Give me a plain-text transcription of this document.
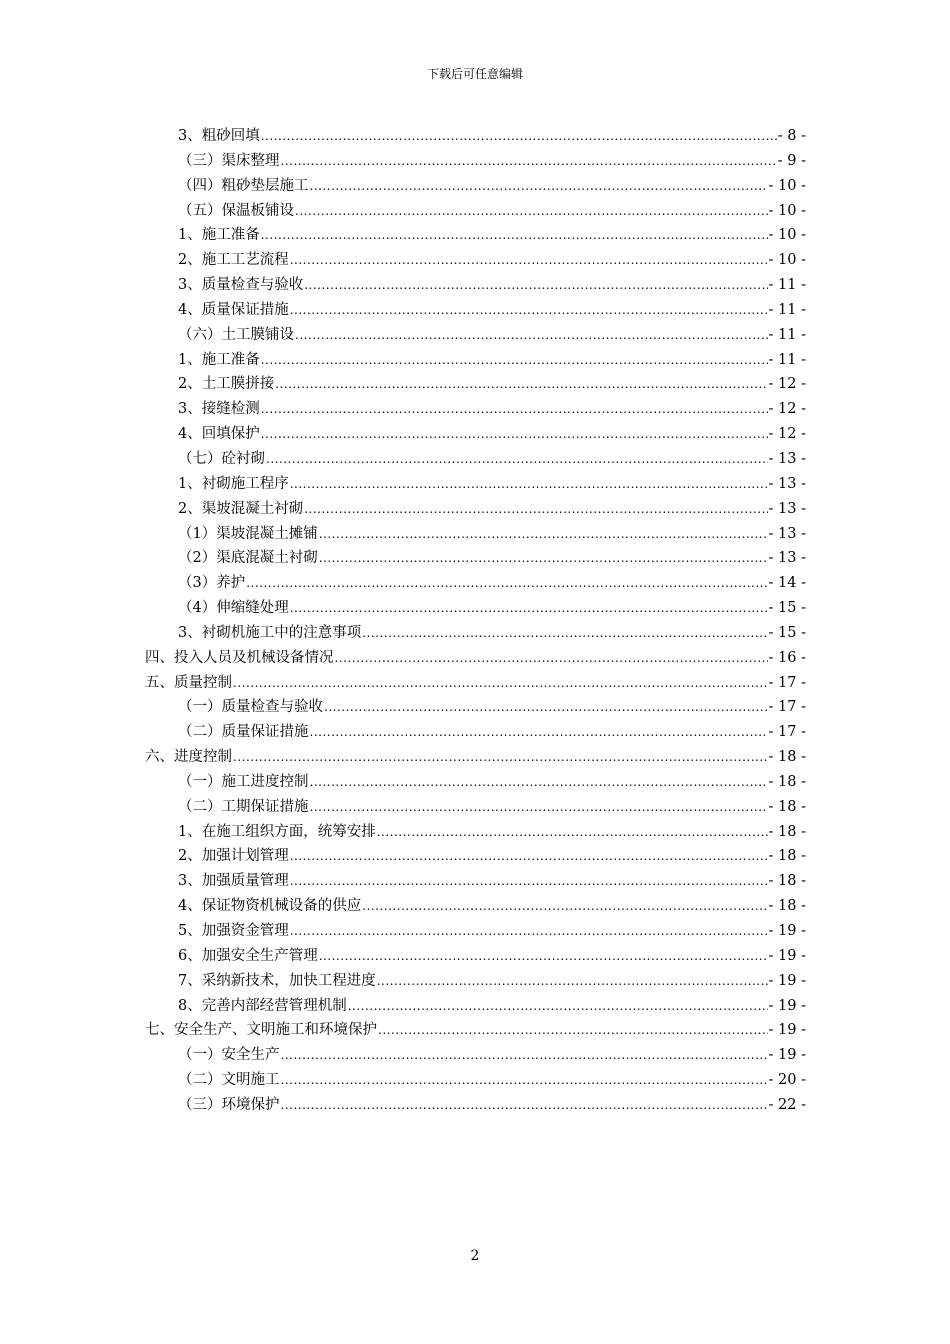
下载后可任意编辑
3、粗砂回填 .....	- 8 -
（三）渠床整理 .....	- 9 -
（四）粗砂垫层施工 .....	- 10 -
（五）保温板铺设 .....	- 10 -
1、施工准备 .....	- 10 -
2、施工工艺流程 .....	- 10 -
3、质量检查与验收 .....	- 11 -
4、质量保证措施 .....	- 11 -
（六）土工膜铺设 .....	- 11 -
1、施工准备 .....	- 11 -
2、土工膜拼接 .....	- 12 -
3、接缝检测 .....	- 12 -
4、回填保护 .....	- 12 -
（七）砼衬砌 .....	- 13 -
1、衬砌施工程序 .....	- 13 -
2、渠坡混凝土衬砌 .....	- 13 -
（1）渠坡混凝土摊铺 .....	- 13 -
（2）渠底混凝土衬砌 .....	- 13 -
（3）养护 .....	- 14 -
（4）伸缩缝处理 .....	- 15 -
3、衬砌机施工中的注意事项 .....	- 15 -
四、投入人员及机械设备情况 .....	- 16 -
五、质量控制 .....	- 17 -
（一）质量检查与验收 .....	- 17 -
（二）质量保证措施 .....	- 17 -
六、进度控制 .....	- 18 -
（一）施工进度控制 .....	- 18 -
（二）工期保证措施 .....	- 18 -
1、在施工组织方面，统筹安排 .....	- 18 -
2、加强计划管理 .....	- 18 -
3、加强质量管理 .....	- 18 -
4、保证物资机械设备的供应 .....	- 18 -
5、加强资金管理 .....	- 19 -
6、加强安全生产管理 .....	- 19 -
7、采纳新技术，加快工程进度 .....	- 19 -
8、完善内部经营管理机制 .....	- 19 -
七、安全生产、文明施工和环境保护 .....	- 19 -
（一）安全生产 .....	- 19 -
（二）文明施工 .....	- 20 -
（三）环境保护 .....	- 22 -
2
